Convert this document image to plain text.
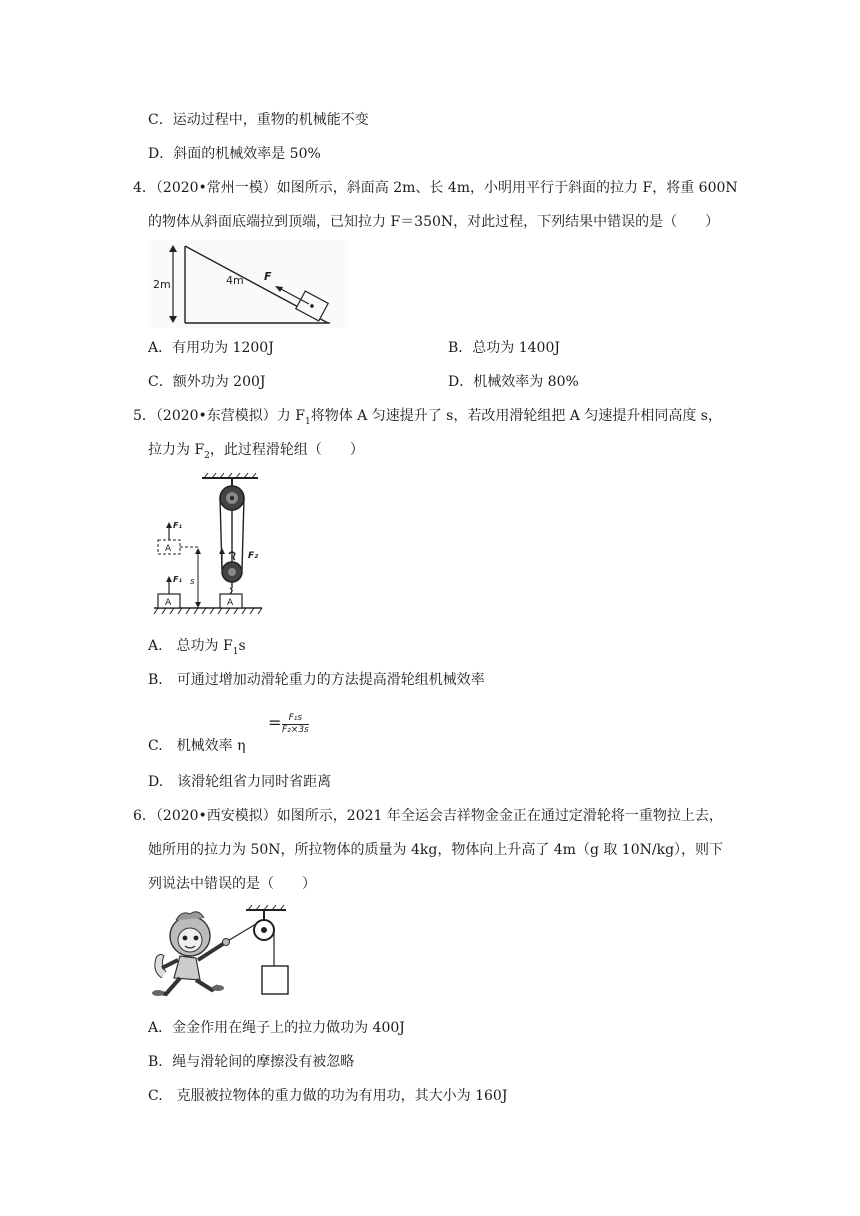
C．运动过程中，重物的机械能不变
D．斜面的机械效率是 50%
4．（2020•常州一模）如图所示，斜面高 2m、长 4m，小明用平行于斜面的拉力 F，将重 600N
的物体从斜面底端拉到顶端，已知拉力 F＝350N，对此过程，下列结果中错误的是（　　）
2m	4m F
A．有用功为 1200J	B．总功为 1400J
C．额外功为 200J	D．机械效率为 80%
5．（2020•东营模拟）力 $F_1$将物体 A 匀速提升了 s，若改用滑轮组把 A 匀速提升相同高度 s，
拉力为 $F_2$，此过程滑轮组（　　）
F₂
A
A
F₁
A
F₁
s
A.　总功为 $F_1s$
B.　可通过增加动滑轮重力的方法提高滑轮组机械效率
= $\frac{\text{F₁s}}{\text{F₂×3s}}$
C.　机械效率 η
D.　该滑轮组省力同时省距离
6．（2020•西安模拟）如图所示，2021 年全运会吉祥物金金正在通过定滑轮将一重物拉上去，
她所用的拉力为 50N，所拉物体的质量为 4kg，物体向上升高了 4m（g 取 10N/kg），则下
列说法中错误的是（　　）
A．金金作用在绳子上的拉力做功为 400J
B．绳与滑轮间的摩擦没有被忽略
C.　克服被拉物体的重力做的功为有用功，其大小为 160J
